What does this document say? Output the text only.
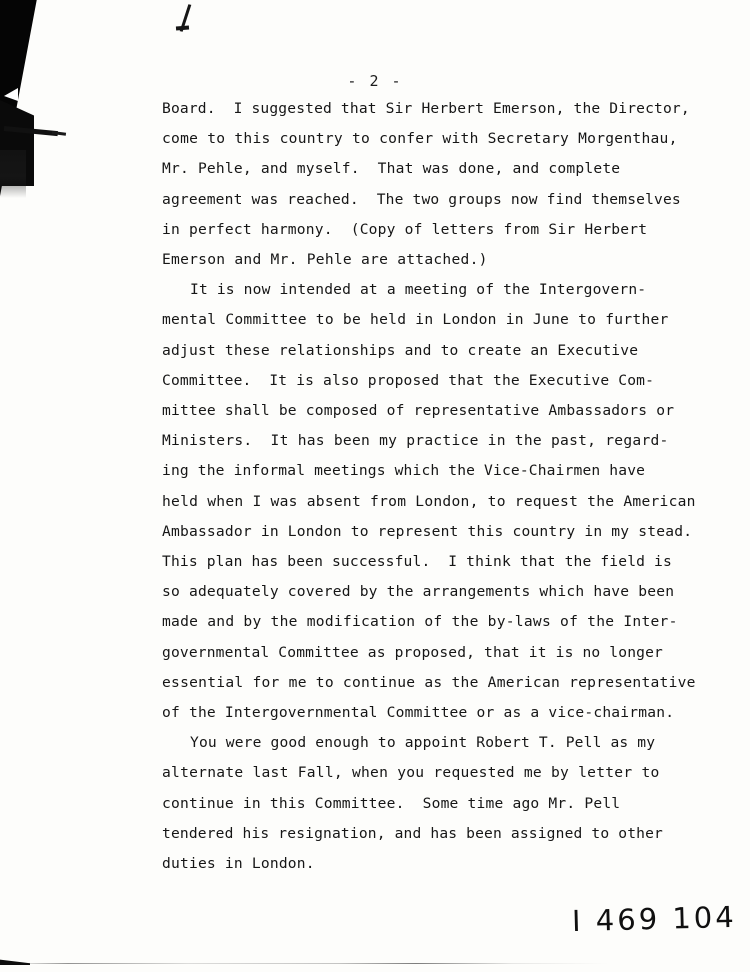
- 2 -
Board.  I suggested that Sir Herbert Emerson, the Director,
come to this country to confer with Secretary Morgenthau,
Mr. Pehle, and myself.  That was done, and complete
agreement was reached.  The two groups now find themselves
in perfect harmony.  (Copy of letters from Sir Herbert
Emerson and Mr. Pehle are attached.)
It is now intended at a meeting of the Intergovern-
mental Committee to be held in London in June to further
adjust these relationships and to create an Executive
Committee.  It is also proposed that the Executive Com-
mittee shall be composed of representative Ambassadors or
Ministers.  It has been my practice in the past, regard-
ing the informal meetings which the Vice-Chairmen have
held when I was absent from London, to request the American
Ambassador in London to represent this country in my stead.
This plan has been successful.  I think that the field is
so adequately covered by the arrangements which have been
made and by the modification of the by-laws of the Inter-
governmental Committee as proposed, that it is no longer
essential for me to continue as the American representative
of the Intergovernmental Committee or as a vice-chairman.
You were good enough to appoint Robert T. Pell as my
alternate last Fall, when you requested me by letter to
continue in this Committee.  Some time ago Mr. Pell
tendered his resignation, and has been assigned to other
duties in London.
I 469 104
